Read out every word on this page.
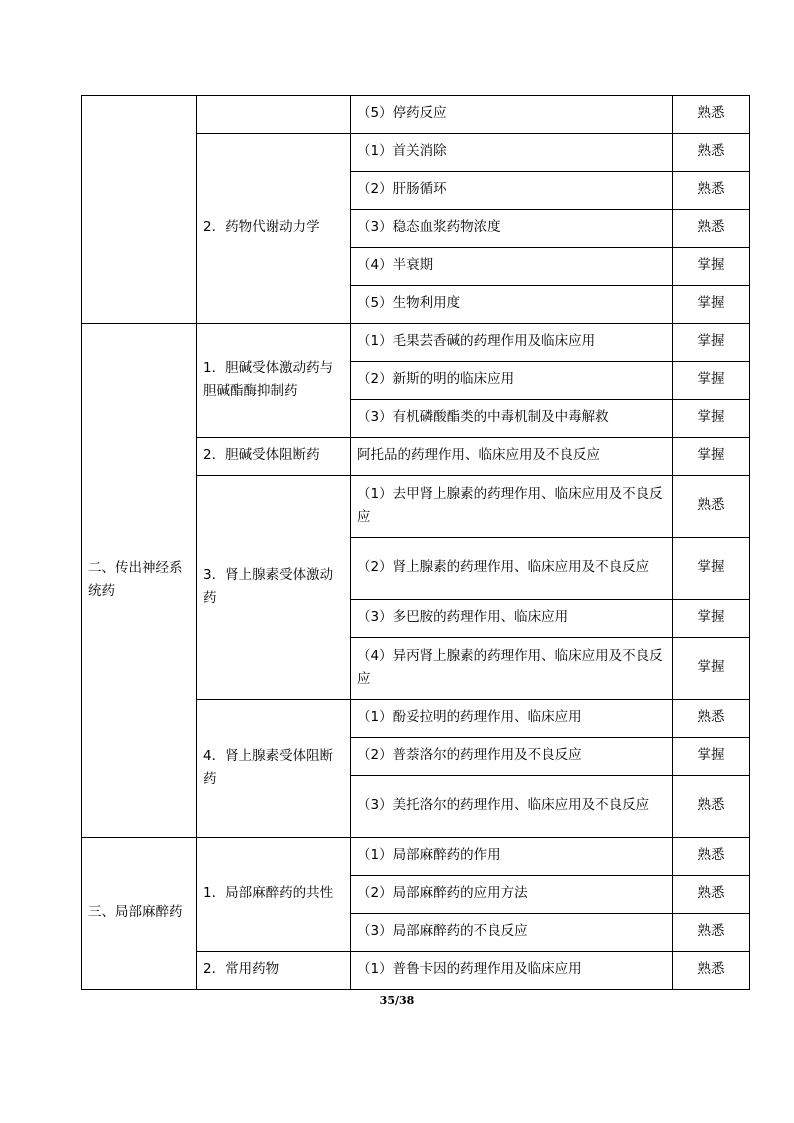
		（5）停药反应	熟悉
	2．药物代谢动力学	（1）首关消除	熟悉
		（2）肝肠循环	熟悉
		（3）稳态血浆药物浓度	熟悉
		（4）半衰期	掌握
		（5）生物利用度	掌握
二、传出神经系统药	1．胆碱受体激动药与胆碱酯酶抑制药	（1）毛果芸香碱的药理作用及临床应用	掌握
		（2）新斯的明的临床应用	掌握
		（3）有机磷酸酯类的中毒机制及中毒解救	掌握
	2．胆碱受体阻断药	阿托品的药理作用、临床应用及不良反应	掌握
	3．肾上腺素受体激动药	（1）去甲肾上腺素的药理作用、临床应用及不良反应	熟悉
		（2）肾上腺素的药理作用、临床应用及不良反应	掌握
		（3）多巴胺的药理作用、临床应用	掌握
		（4）异丙肾上腺素的药理作用、临床应用及不良反应	掌握
	4．肾上腺素受体阻断药	（1）酚妥拉明的药理作用、临床应用	熟悉
		（2）普萘洛尔的药理作用及不良反应	掌握
		（3）美托洛尔的药理作用、临床应用及不良反应	熟悉
三、局部麻醉药	1．局部麻醉药的共性	（1）局部麻醉药的作用	熟悉
		（2）局部麻醉药的应用方法	熟悉
		（3）局部麻醉药的不良反应	熟悉
	2．常用药物	（1）普鲁卡因的药理作用及临床应用	熟悉
35/38
